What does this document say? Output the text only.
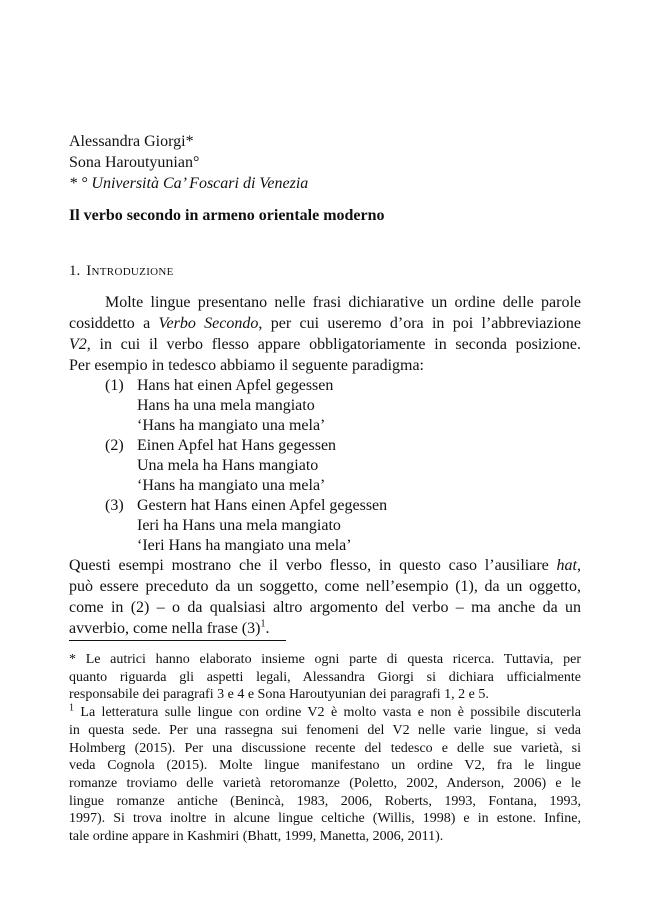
Alessandra Giorgi*
Sona Haroutyunian°
* ° Università Ca’ Foscari di Venezia
Il verbo secondo in armeno orientale moderno
1. Introduzione
Molte lingue presentano nelle frasi dichiarative un ordine delle parole
cosiddetto a Verbo Secondo, per cui useremo d’ora in poi l’abbreviazione
V2, in cui il verbo flesso appare obbligatoriamente in seconda posizione.
Per esempio in tedesco abbiamo il seguente paradigma:
(1) Hans hat einen Apfel gegessen
Hans ha una mela mangiato
‘Hans ha mangiato una mela’
(2) Einen Apfel hat Hans gegessen
Una mela ha Hans mangiato
‘Hans ha mangiato una mela’
(3) Gestern hat Hans einen Apfel gegessen
Ieri ha Hans una mela mangiato
‘Ieri Hans ha mangiato una mela’
Questi esempi mostrano che il verbo flesso, in questo caso l’ausiliare hat,
può essere preceduto da un soggetto, come nell’esempio (1), da un oggetto,
come in (2) – o da qualsiasi altro argomento del verbo – ma anche da un
avverbio, come nella frase $(3)^1$.
* Le autrici hanno elaborato insieme ogni parte di questa ricerca. Tuttavia, per
quanto riguarda gli aspetti legali, Alessandra Giorgi si dichiara ufficialmente
responsabile dei paragrafi 3 e 4 e Sona Haroutyunian dei paragrafi 1, 2 e 5.
$^1$ La letteratura sulle lingue con ordine V2 è molto vasta e non è possibile discuterla
in questa sede. Per una rassegna sui fenomeni del V2 nelle varie lingue, si veda
Holmberg (2015). Per una discussione recente del tedesco e delle sue varietà, si
veda Cognola (2015). Molte lingue manifestano un ordine V2, fra le lingue
romanze troviamo delle varietà retoromanze (Poletto, 2002, Anderson, 2006) e le
lingue romanze antiche (Benincà, 1983, 2006, Roberts, 1993, Fontana, 1993,
1997). Si trova inoltre in alcune lingue celtiche (Willis, 1998) e in estone. Infine,
tale ordine appare in Kashmiri (Bhatt, 1999, Manetta, 2006, 2011).
